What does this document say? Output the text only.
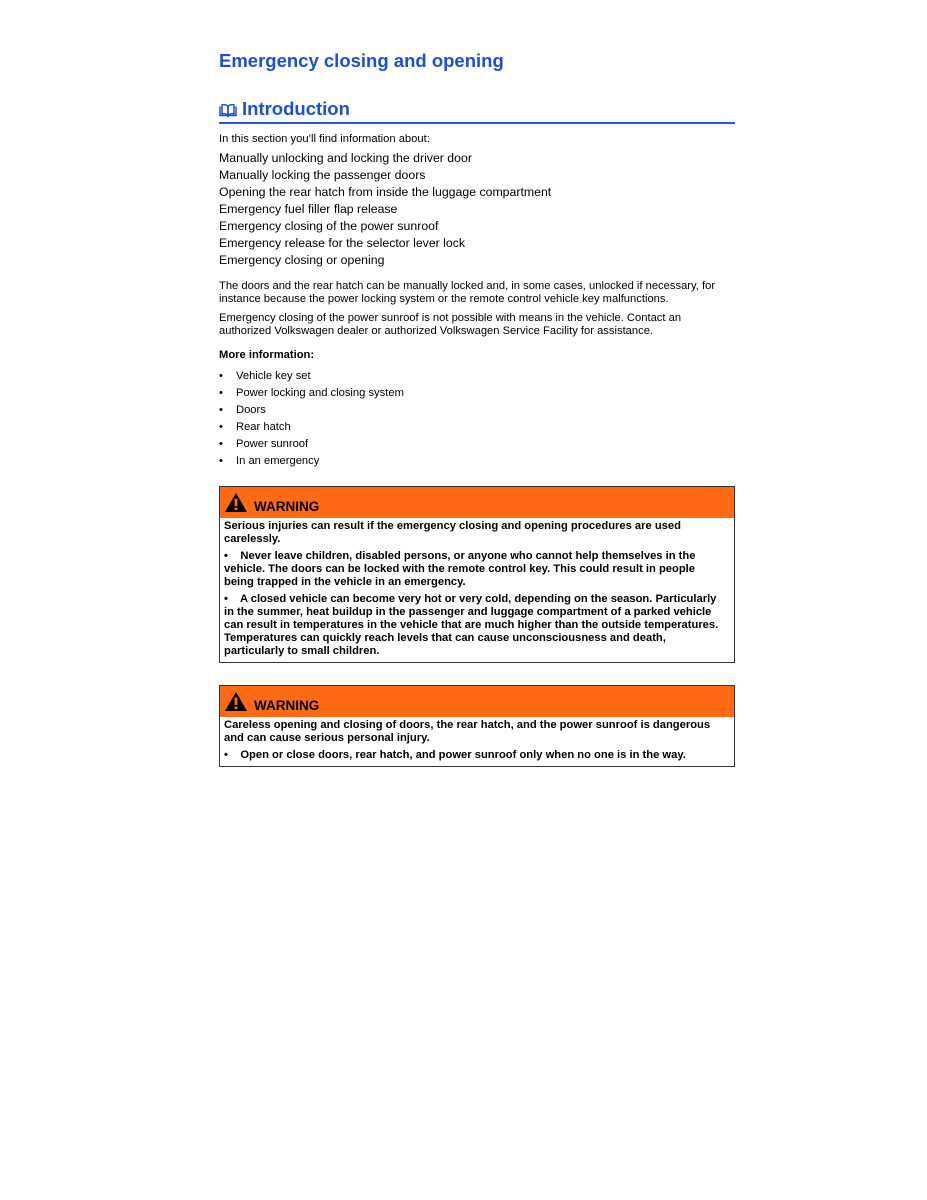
Emergency closing and opening
Introduction
In this section you’ll find information about:
Manually unlocking and locking the driver door
Manually locking the passenger doors
Opening the rear hatch from inside the luggage compartment
Emergency fuel filler flap release
Emergency closing of the power sunroof
Emergency release for the selector lever lock
Emergency closing or opening

The doors and the rear hatch can be manually locked and, in some cases, unlocked if necessary, for instance because the power locking system or the remote control vehicle key malfunctions.

Emergency closing of the power sunroof is not possible with means in the vehicle. Contact an authorized Volkswagen dealer or authorized Volkswagen Service Facility for assistance.

More information:
• Vehicle key set
• Power locking and closing system
• Doors
• Rear hatch
• Power sunroof
• In an emergency
WARNING

Serious injuries can result if the emergency closing and opening procedures are used carelessly.

• Never leave children, disabled persons, or anyone who cannot help themselves in the vehicle. The doors can be locked with the remote control key. This could result in people being trapped in the vehicle in an emergency.

• A closed vehicle can become very hot or very cold, depending on the season. Particularly in the summer, heat buildup in the passenger and luggage compartment of a parked vehicle can result in temperatures in the vehicle that are much higher than the outside temperatures. Temperatures can quickly reach levels that can cause unconsciousness and death, particularly to small children.

WARNING

Careless opening and closing of doors, the rear hatch, and the power sunroof is dangerous and can cause serious personal injury.

• Open or close doors, rear hatch, and power sunroof only when no one is in the way.
